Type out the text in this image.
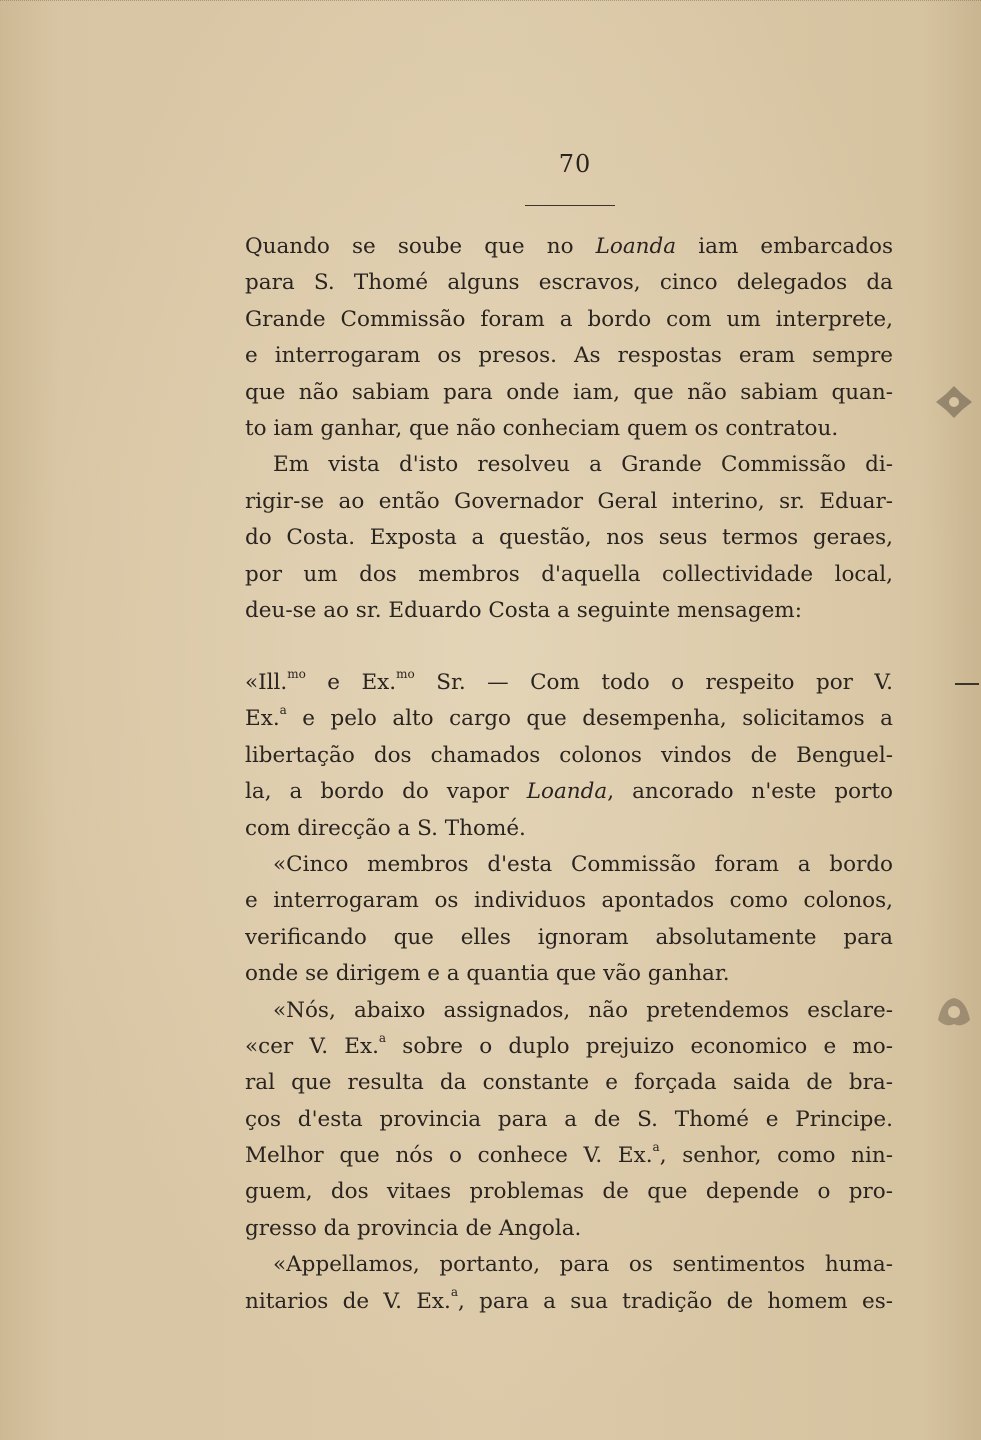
70
Quando se soube que no Loanda iam embarcados
para S. Thomé alguns escravos, cinco delegados da
Grande Commissão foram a bordo com um interprete,
e interrogaram os presos. As respostas eram sempre
que não sabiam para onde iam, que não sabiam quan-
to iam ganhar, que não conheciam quem os contratou.
Em vista d'isto resolveu a Grande Commissão di-
rigir-se ao então Governador Geral interino, sr. Eduar-
do Costa. Exposta a questão, nos seus termos geraes,
por um dos membros d'aquella collectividade local,
deu-se ao sr. Eduardo Costa a seguinte mensagem:
«Ill.$^{mo}$ e Ex.$^{mo}$ Sr. — Com todo o respeito por V.
Ex.$^a$ e pelo alto cargo que desempenha, solicitamos a
libertação dos chamados colonos vindos de Benguel-
la, a bordo do vapor Loanda, ancorado n'este porto
com direcção a S. Thomé.
«Cinco membros d'esta Commissão foram a bordo
e interrogaram os individuos apontados como colonos,
verificando que elles ignoram absolutamente para
onde se dirigem e a quantia que vão ganhar.
«Nós, abaixo assignados, não pretendemos esclare-
«cer V. Ex.$^a$ sobre o duplo prejuizo economico e mo-
ral que resulta da constante e forçada saida de bra-
ços d'esta provincia para a de S. Thomé e Principe.
Melhor que nós o conhece V. Ex.$^a$, senhor, como nin-
guem, dos vitaes problemas de que depende o pro-
gresso da provincia de Angola.
«Appellamos, portanto, para os sentimentos huma-
nitarios de V. Ex.$^a$, para a sua tradição de homem es-
